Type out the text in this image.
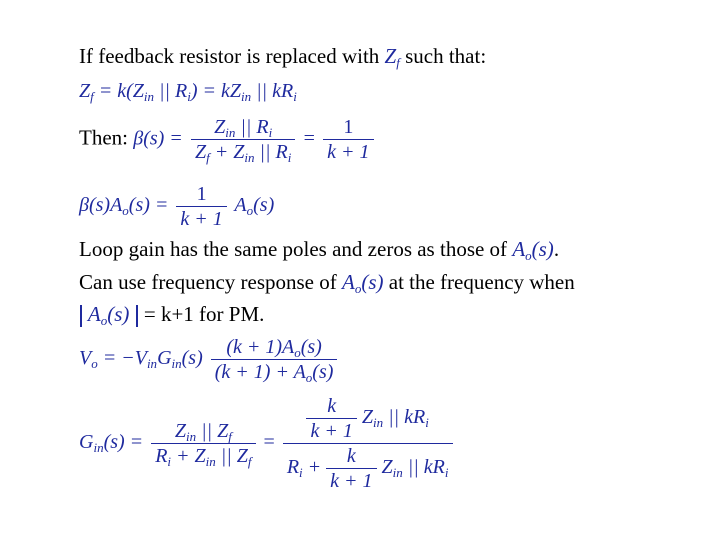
If feedback resistor is replaced with $Z_f$ such that:
$Z_f = k(Z_{in}$ || $R_i) = kZ_{in}$ || $kR_i$
Then: $\beta(s) = \frac{Z_{in} || R_i}{Z_f + Z_{in} || R_i} = \frac{1}{k + 1}$
$\beta(s)A_o(s) = \frac{1}{k + 1} A_o(s)$
Loop gain has the same poles and zeros as those of $A_o(s)$.
Can use frequency response of $A_o(s)$ at the frequency when
$A_o(s) = k+1$ for PM.
$V_o = -V_{in}G_{in}(s) \frac{(k + 1)A_o(s)}{(k + 1) + A_o(s)}$
$G_{in}(s) = \frac{Z_{in} || Z_f}{R_i + Z_{in} || Z_f} = \frac{\frac{k}{k + 1} Z_{in} || kR_i}{R_i + \frac{k}{k + 1} Z_{in} || kR_i}$
